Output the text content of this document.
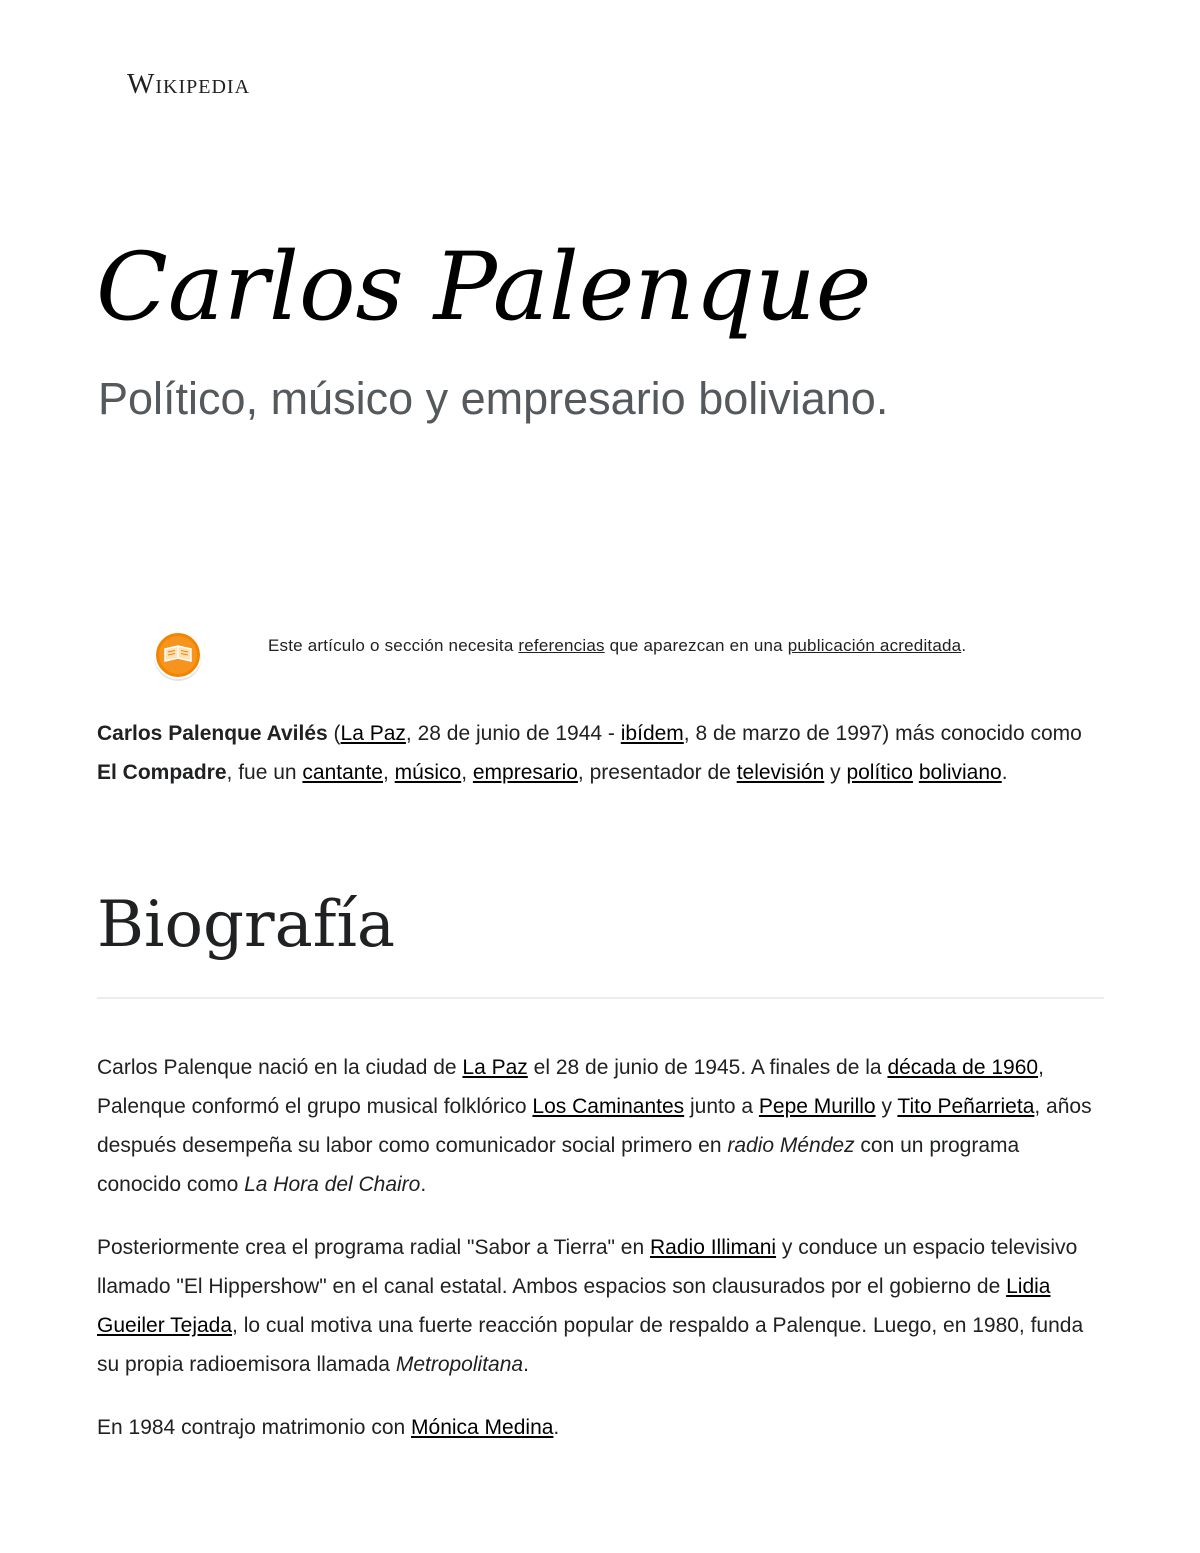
Wikipedia
Carlos Palenque
Político, músico y empresario boliviano.
Este artículo o sección necesita referencias que aparezcan en una publicación acreditada.

Carlos Palenque Avilés (La Paz, 28 de junio de 1944 - ibídem, 8 de marzo de 1997) más conocido como El Compadre, fue un cantante, músico, empresario, presentador de televisión y político boliviano.

Biografía

Carlos Palenque nació en la ciudad de La Paz el 28 de junio de 1945. A finales de la década de 1960, Palenque conformó el grupo musical folklórico Los Caminantes junto a Pepe Murillo y Tito Peñarrieta, años después desempeña su labor como comunicador social primero en radio Méndez con un programa conocido como La Hora del Chairo.

Posteriormente crea el programa radial "Sabor a Tierra" en Radio Illimani y conduce un espacio televisivo llamado "El Hippershow" en el canal estatal. Ambos espacios son clausurados por el gobierno de Lidia Gueiler Tejada, lo cual motiva una fuerte reacción popular de respaldo a Palenque. Luego, en 1980, funda su propia radioemisora llamada Metropolitana.

En 1984 contrajo matrimonio con Mónica Medina.
